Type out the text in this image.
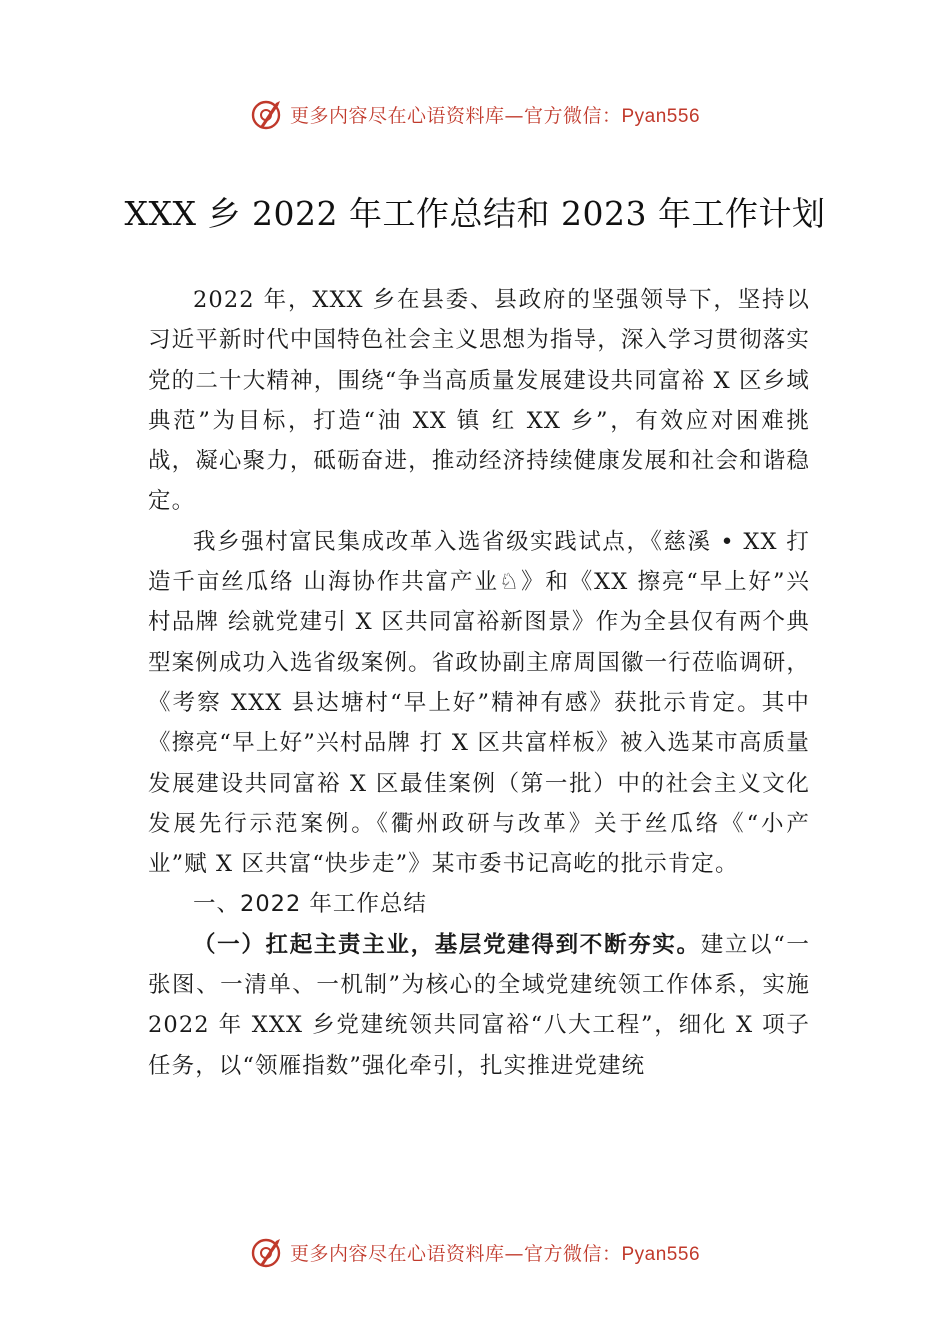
更多内容尽在心语资料库—官方微信：Pyan556
XXX 乡 2022 年工作总结和 2023 年工作计划

2022 年，XXX 乡在县委、县政府的坚强领导下，坚持以习近平新时代中国特色社会主义思想为指导，深入学习贯彻落实党的二十大精神，围绕“争当高质量发展建设共同富裕 X 区乡域典范”为目标，打造“油 XX 镇 红 XX 乡”，有效应对困难挑战，凝心聚力，砥砺奋进，推动经济持续健康发展和社会和谐稳定。

我乡强村富民集成改革入选省级实践试点，《慈溪 • XX 打造千亩丝瓜络 山海协作共富产业♘》和《XX 擦亮“早上好”兴村品牌 绘就党建引 X 区共同富裕新图景》作为全县仅有两个典型案例成功入选省级案例。省政协副主席周国徽一行莅临调研，《考察 XXX 县达塘村“早上好”精神有感》获批示肯定。其中《擦亮“早上好”兴村品牌 打 X 区共富样板》被入选某市高质量发展建设共同富裕 X 区最佳案例（第一批）中的社会主义文化发展先行示范案例。《衢州政研与改革》关于丝瓜络《“小产业”赋 X 区共富“快步走”》某市委书记高屹的批示肯定。

一、2022 年工作总结

（一）扛起主责主业，基层党建得到不断夯实。建立以“一张图、一清单、一机制”为核心的全域党建统领工作体系，实施 2022 年 XXX 乡党建统领共同富裕“八大工程”，细化 X 项子任务，以“领雁指数”强化牵引，扎实推进党建统

更多内容尽在心语资料库—官方微信：Pyan556
